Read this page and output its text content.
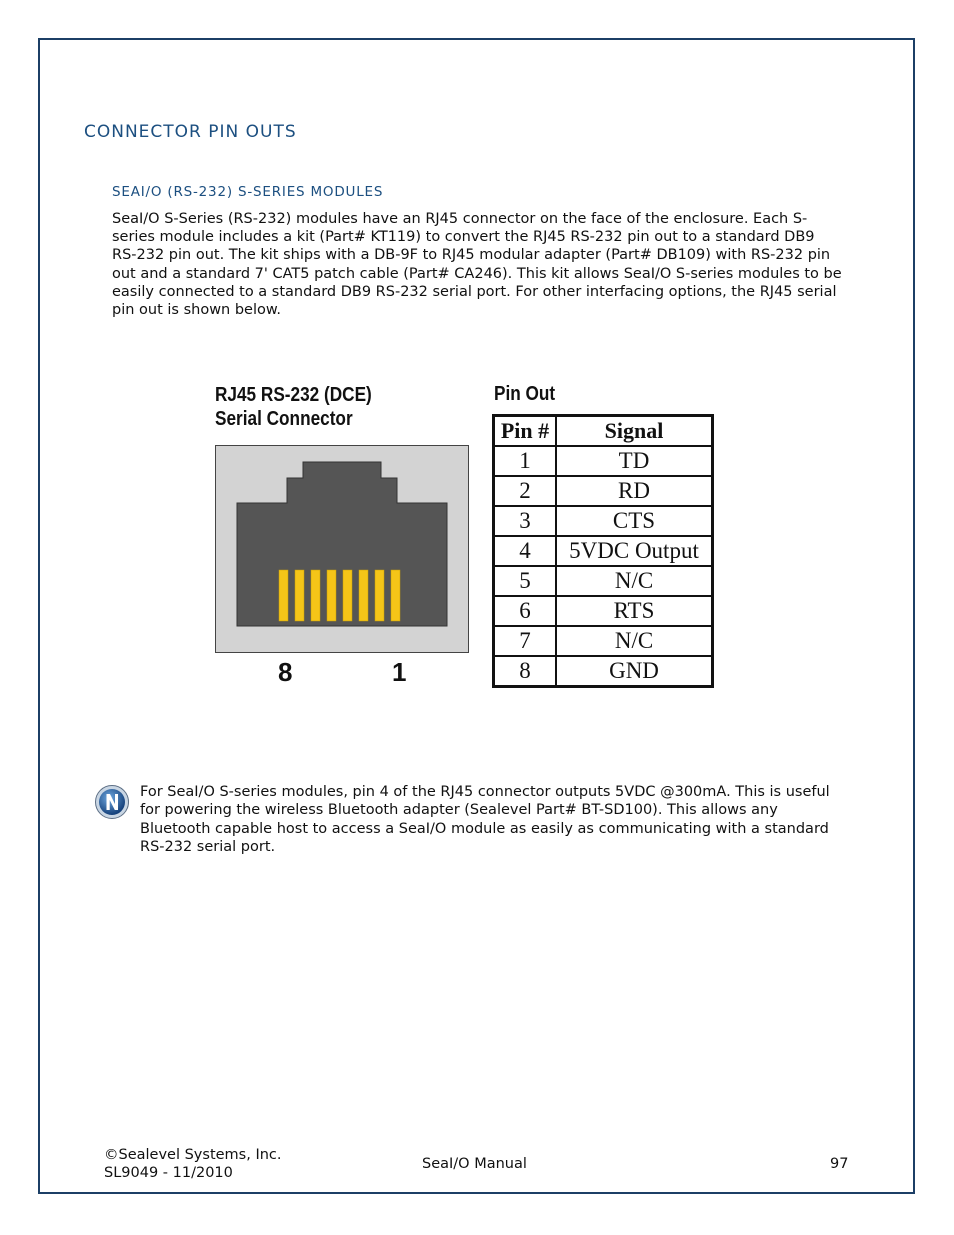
CONNECTOR PIN OUTS
SEAI/O (RS-232) S-SERIES MODULES
SeaI/O S-Series (RS-232) modules have an RJ45 connector on the face of the enclosure. Each S-series module includes a kit (Part# KT119) to convert the RJ45 RS-232 pin out to a standard DB9 RS-232 pin out. The kit ships with a DB-9F to RJ45 modular adapter (Part# DB109) with RS-232 pin out and a standard 7' CAT5 patch cable (Part# CA246). This kit allows SeaI/O S-series modules to be easily connected to a standard DB9 RS-232 serial port. For other interfacing options, the RJ45 serial pin out is shown below.
RJ45 RS-232 (DCE)
Serial Connector
8	1
Pin Out
Pin #	Signal
1	TD
2	RD
3	CTS
4	5VDC Output
5	N/C
6	RTS
7	N/C
8	GND
For SeaI/O S-series modules, pin 4 of the RJ45 connector outputs 5VDC @300mA. This is useful for powering the wireless Bluetooth adapter (Sealevel Part# BT-SD100). This allows any Bluetooth capable host to access a SeaI/O module as easily as communicating with a standard RS-232 serial port.
©Sealevel Systems, Inc.
SL9049 - 11/2010
SeaI/O Manual	97
